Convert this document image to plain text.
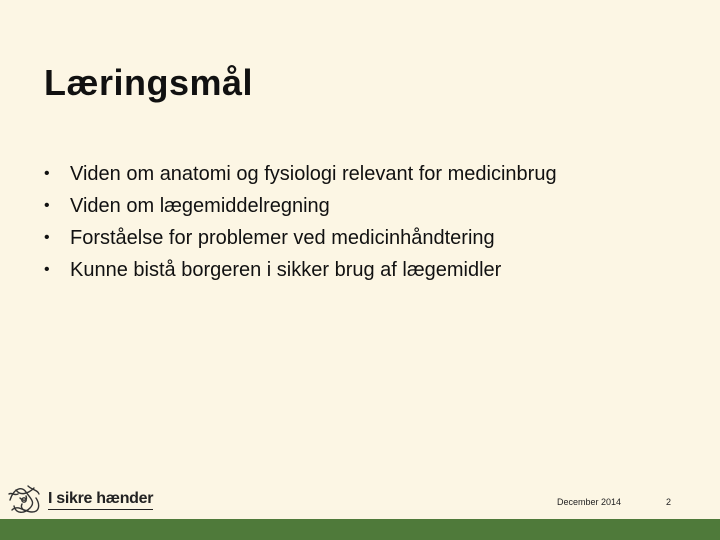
Læringsmål
•	Viden om anatomi og fysiologi relevant for medicinbrug
•	Viden om lægemiddelregning
•	Forståelse for problemer ved medicinhåndtering
•	Kunne bistå borgeren i sikker brug af lægemidler
I sikre hænder	December 2014	2
